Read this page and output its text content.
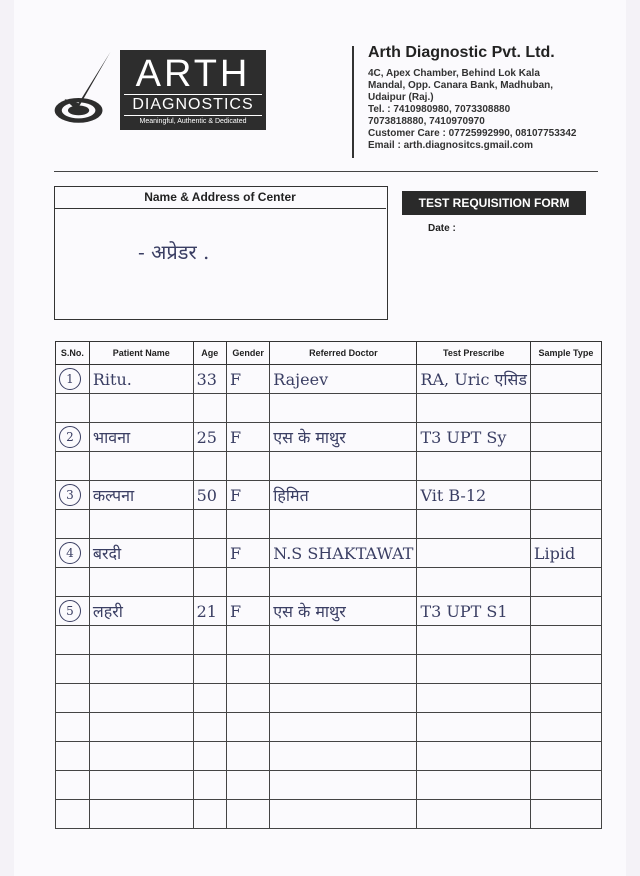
ARTH
DIAGNOSTICS
Meaningful, Authentic & Dedicated
Arth Diagnostic Pvt. Ltd.
4C, Apex Chamber, Behind Lok Kala
Mandal, Opp. Canara Bank, Madhuban,
Udaipur (Raj.)
Tel. : 7410980980, 7073308880
7073818880, 7410970970
Customer Care : 07725992990, 08107753342
Email : arth.diagnositcs.gmail.com
Name & Address of Center
- अप्रेडर .
TEST REQUISITION FORM
Date :
S.No.	Patient Name	Age	Gender	Referred Doctor	Test Prescribe	Sample Type
1	Ritu.	33	F	Rajeev	RA, Uric एसिड	

2	भावना	25	F	एस के माथुर	T3 UPT Sy	

3	कल्पना	50	F	हिमित	Vit B-12	

4	बरदी		F	N.S SHAKTAWAT		Lipid

5	लहरी	21	F	एस के माथुर	T3 UPT S1	
